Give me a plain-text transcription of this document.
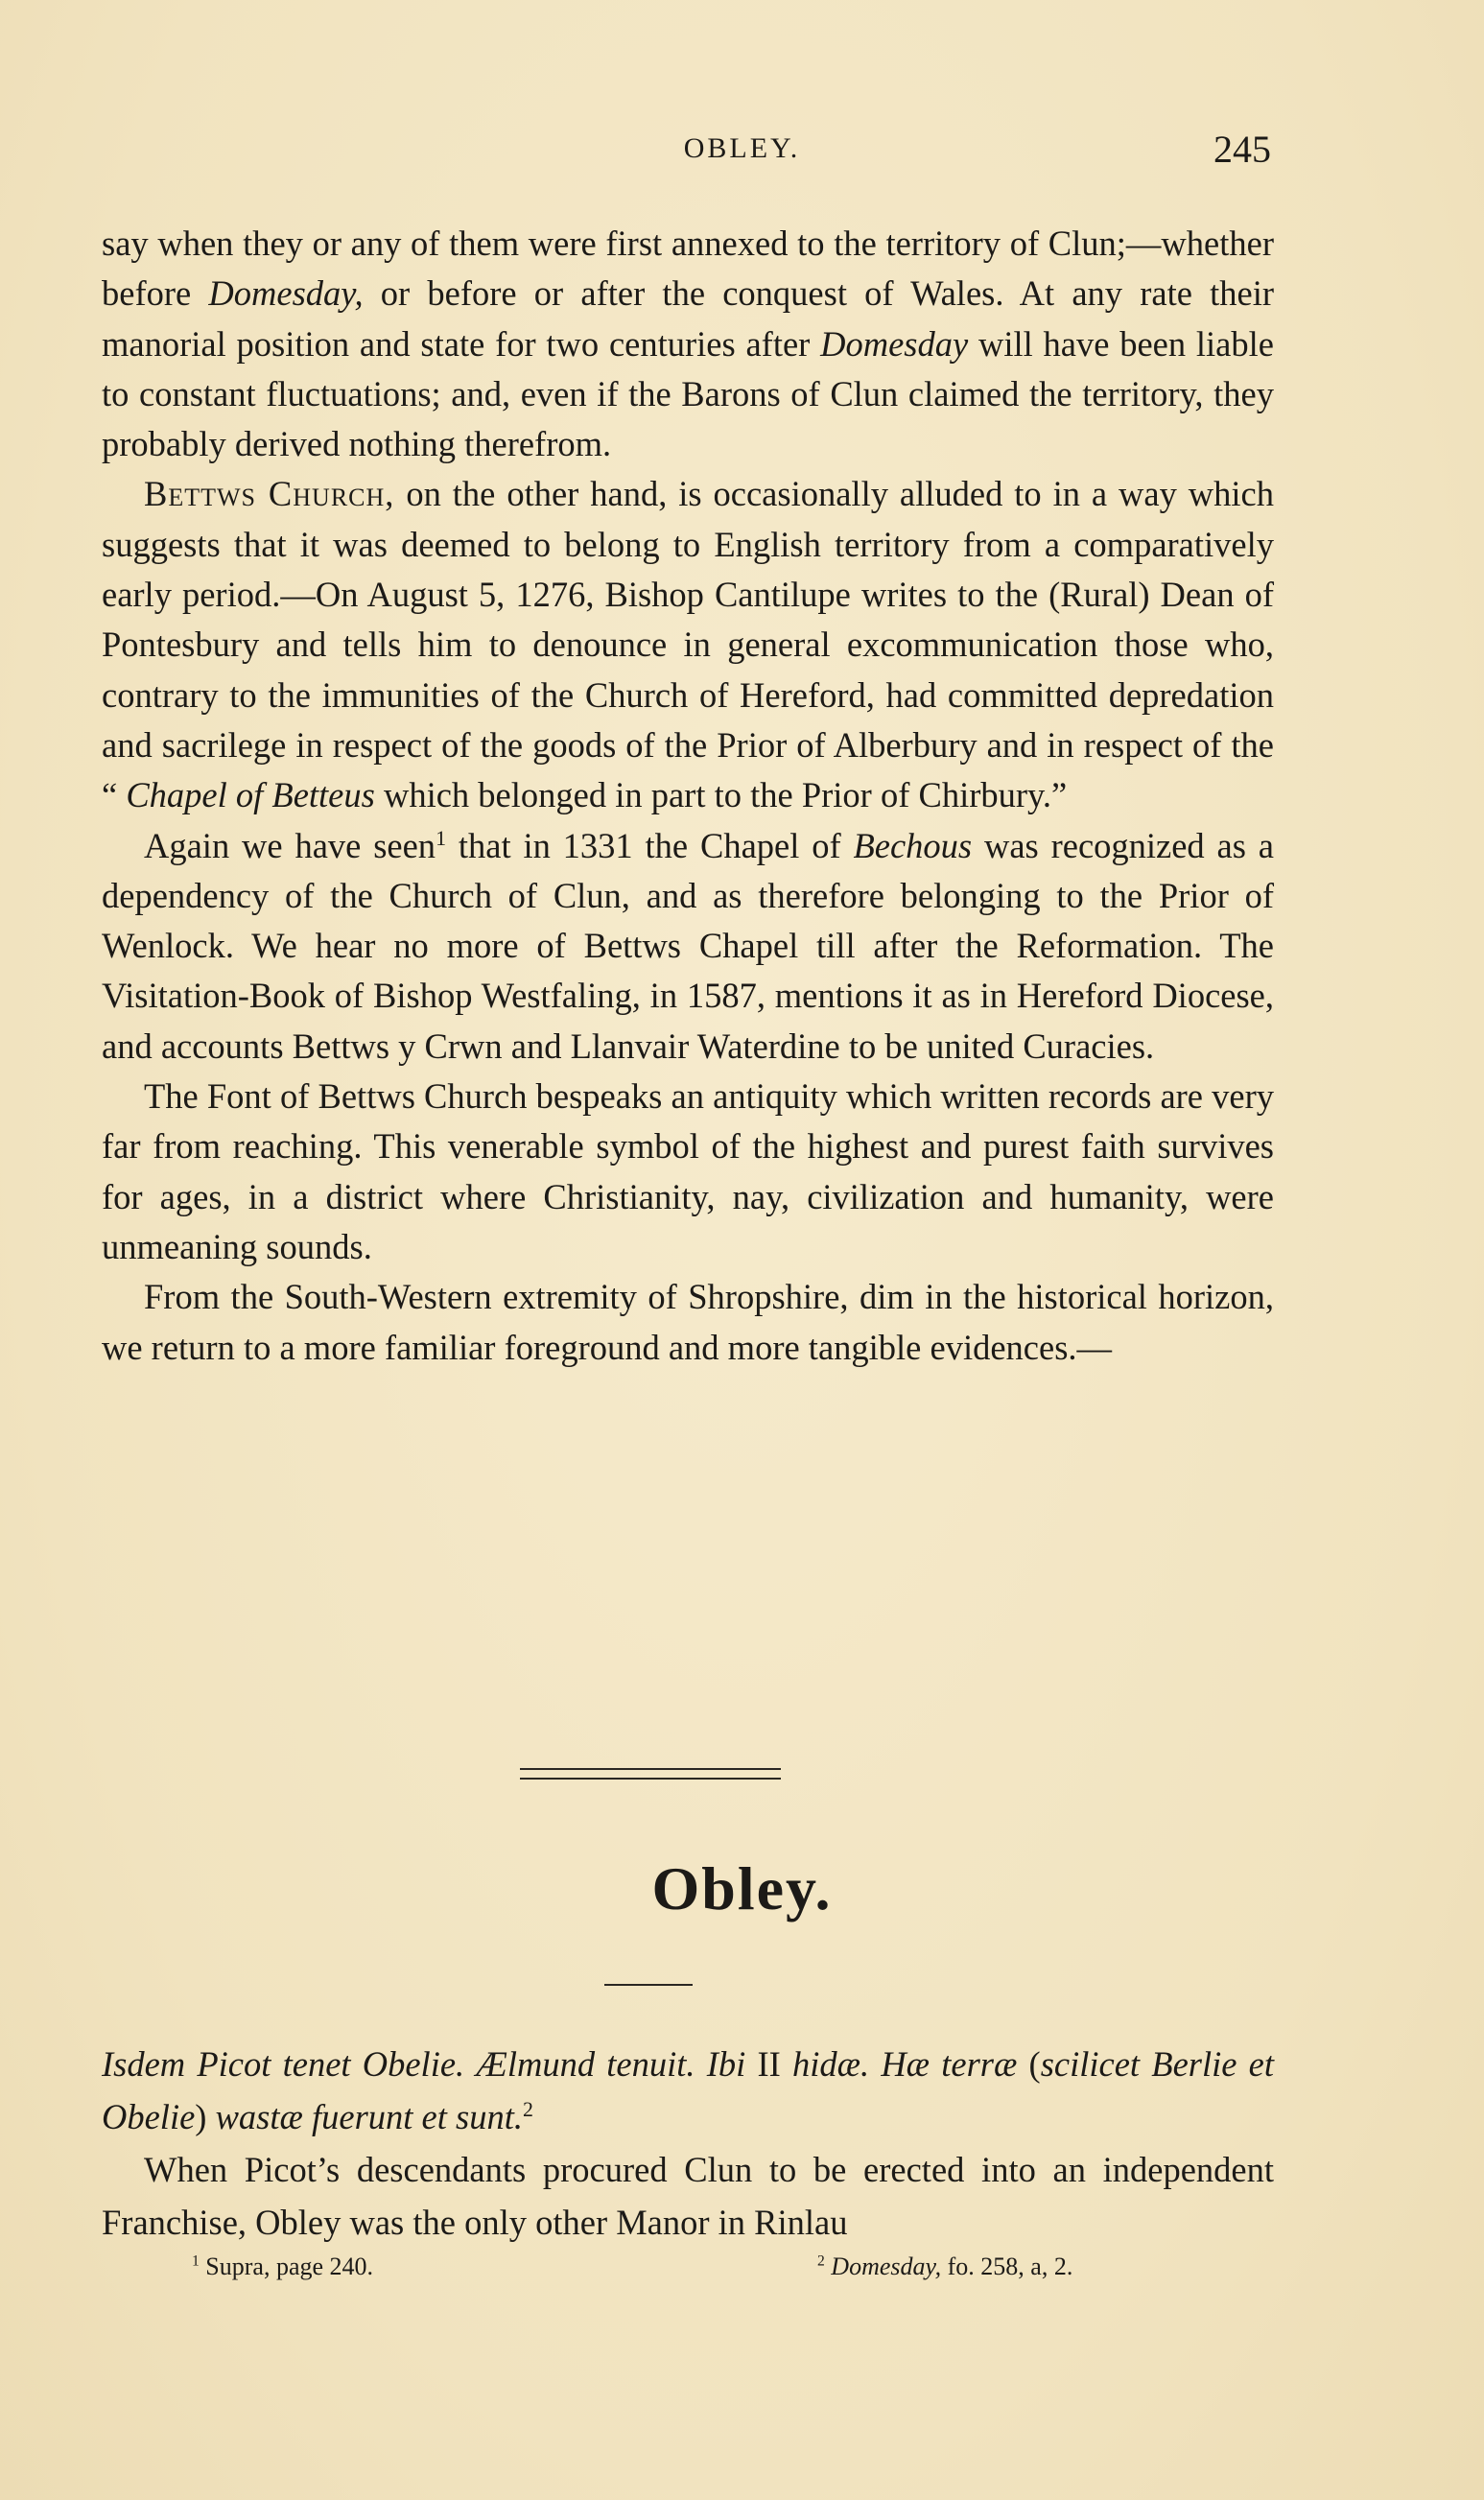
OBLEY.	245

say when they or any of them were first annexed to the territory of Clun;—whether before Domesday, or before or after the conquest of Wales. At any rate their manorial position and state for two centuries after Domesday will have been liable to constant fluctuations; and, even if the Barons of Clun claimed the territory, they probably derived nothing therefrom.

Bettws Church, on the other hand, is occasionally alluded to in a way which suggests that it was deemed to belong to English territory from a comparatively early period.—On August 5, 1276, Bishop Cantilupe writes to the (Rural) Dean of Pontesbury and tells him to denounce in general excommunication those who, contrary to the immunities of the Church of Hereford, had committed depredation and sacrilege in respect of the goods of the Prior of Alberbury and in respect of the “ Chapel of Betteus which belonged in part to the Prior of Chirbury.”

Again we have seen$^1$ that in 1331 the Chapel of Bechous was recognized as a dependency of the Church of Clun, and as therefore belonging to the Prior of Wenlock. We hear no more of Bettws Chapel till after the Reformation. The Visitation-Book of Bishop Westfaling, in 1587, mentions it as in Hereford Diocese, and accounts Bettws y Crwn and Llanvair Waterdine to be united Curacies.

The Font of Bettws Church bespeaks an antiquity which written records are very far from reaching. This venerable symbol of the highest and purest faith survives for ages, in a district where Christianity, nay, civilization and humanity, were unmeaning sounds.

From the South-Western extremity of Shropshire, dim in the historical horizon, we return to a more familiar foreground and more tangible evidences.—

Obley.

Isdem Picot tenet Obelie. Ælmund tenuit. Ibi II hidæ. Hæ terræ (scilicet Berlie et Obelie) wastæ fuerunt et sunt.$^2$

When Picot’s descendants procured Clun to be erected into an independent Franchise, Obley was the only other Manor in Rinlau

$^1$ Supra, page 240.	$^2$ Domesday, fo. 258, a, 2.
